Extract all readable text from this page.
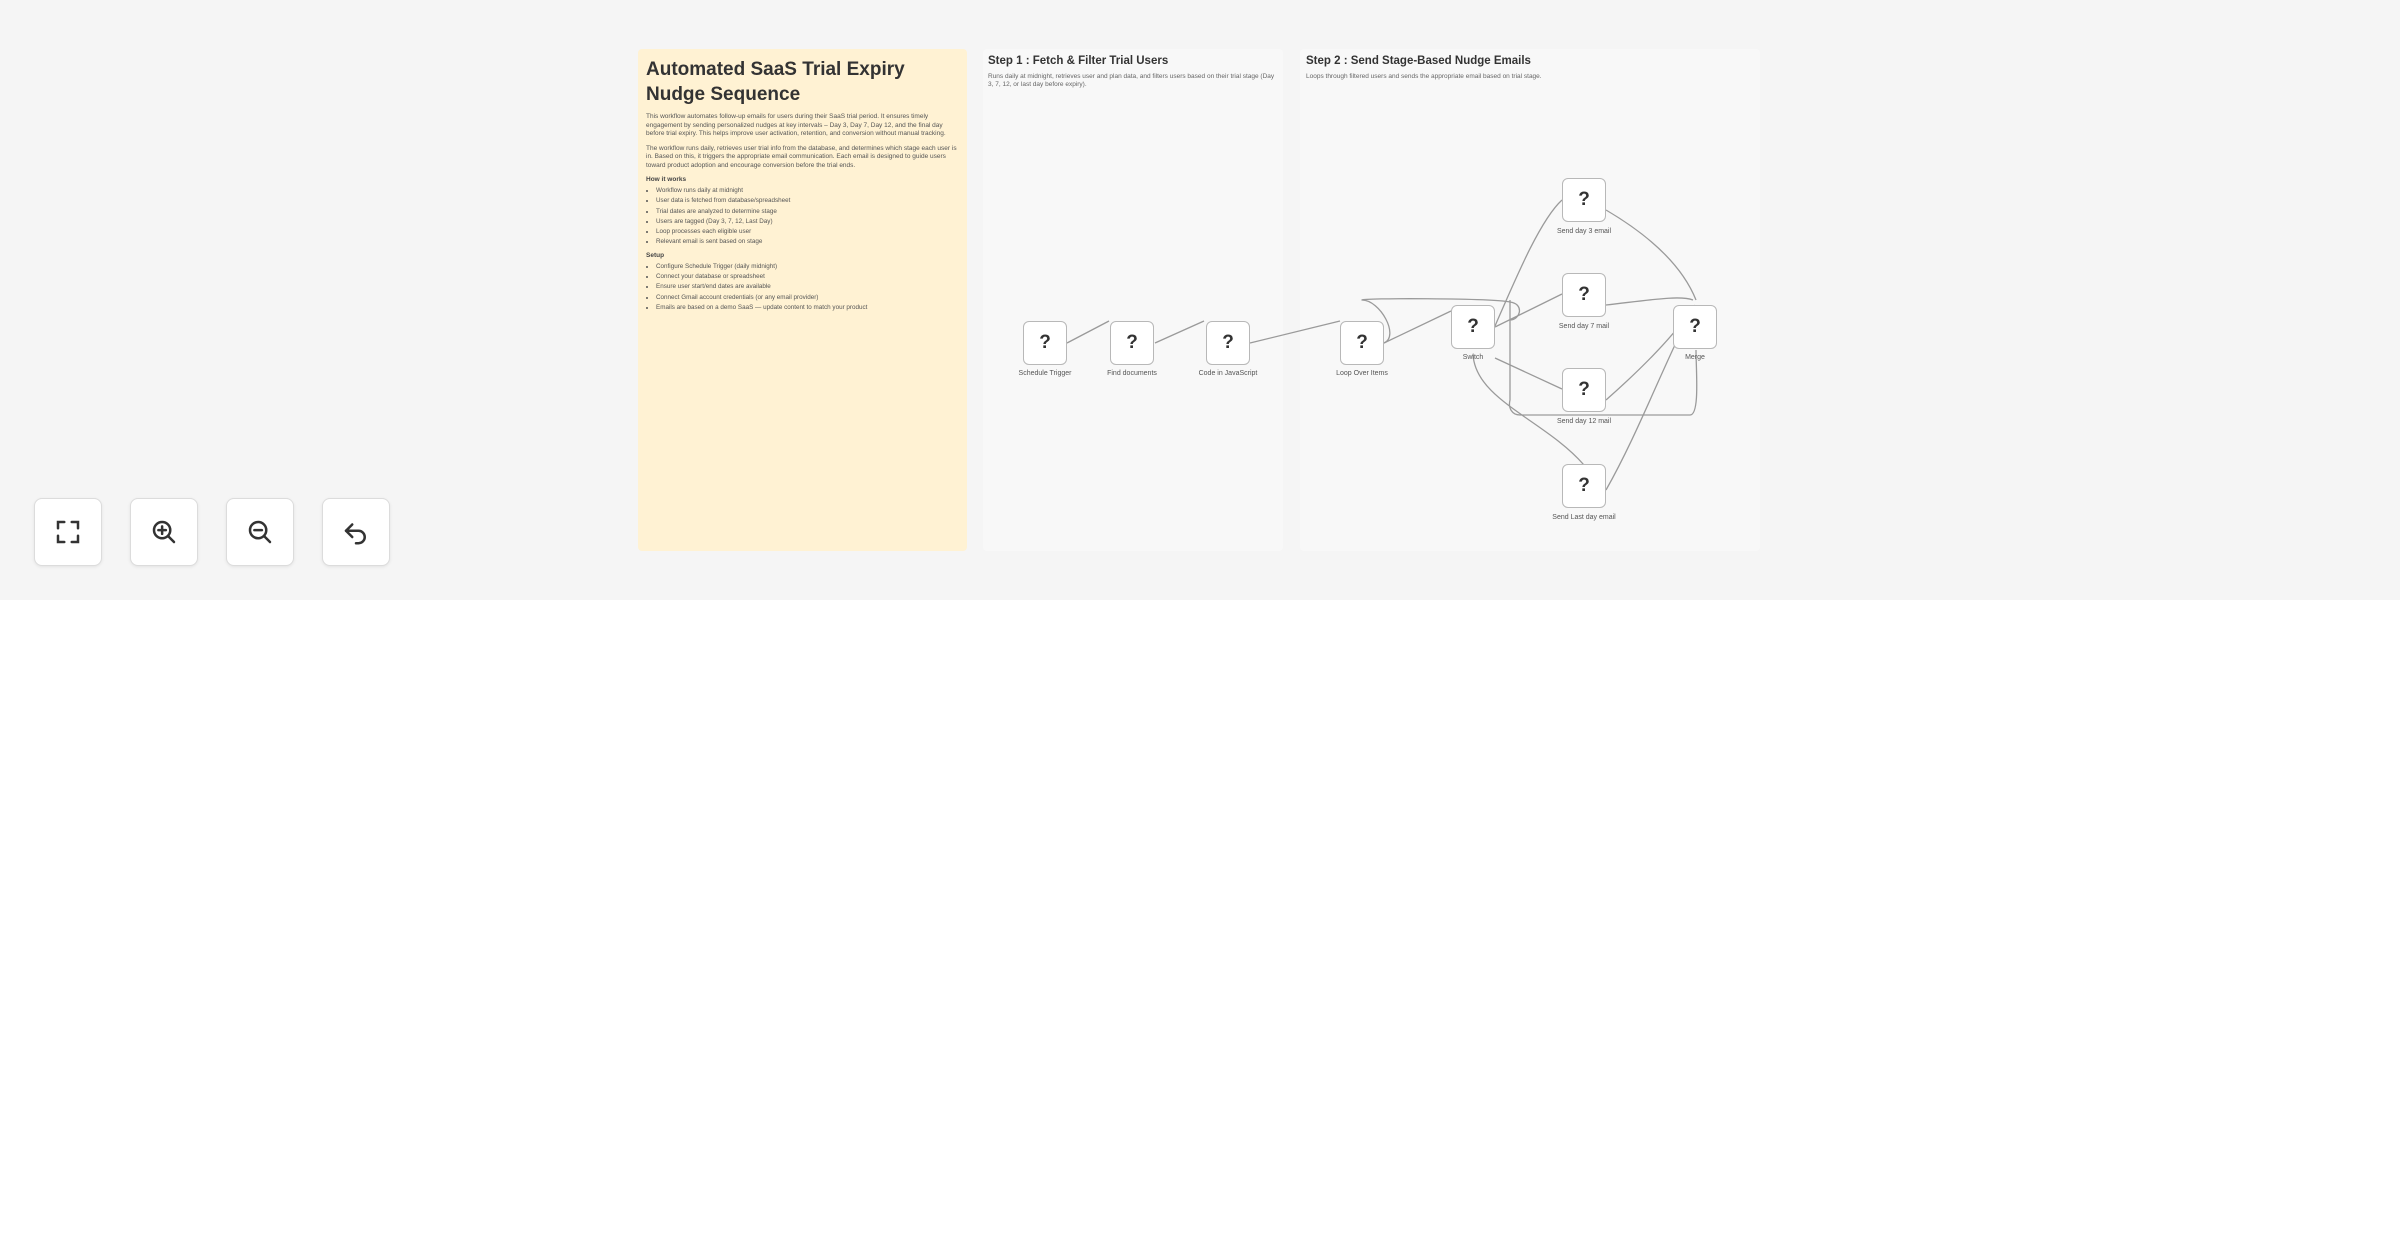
Automated SaaS Trial Expiry Nudge Sequence

This workflow automates follow-up emails for users during their SaaS trial period. It ensures timely engagement by sending personalized nudges at key intervals – Day 3, Day 7, Day 12, and the final day before trial expiry. This helps improve user activation, retention, and conversion without manual tracking.

The workflow runs daily, retrieves user trial info from the database, and determines which stage each user is in. Based on this, it triggers the appropriate email communication. Each email is designed to guide users toward product adoption and encourage conversion before the trial ends.

How it works
• Workflow runs daily at midnight
• User data is fetched from database/spreadsheet
• Trial dates are analyzed to determine stage
• Users are tagged (Day 3, 7, 12, Last Day)
• Loop processes each eligible user
• Relevant email is sent based on stage
Setup
• Configure Schedule Trigger (daily midnight)
• Connect your database or spreadsheet
• Ensure user start/end dates are available
• Connect Gmail account credentials (or any email provider)
• Emails are based on a demo SaaS — update content to match your product
Step 1 : Fetch & Filter Trial Users

Runs daily at midnight, retrieves user and plan data, and filters users based on their trial stage (Day 3, 7, 12, or last day before expiry).

Step 2 : Send Stage-Based Nudge Emails

Loops through filtered users and sends the appropriate email based on trial stage.

?
Schedule Trigger
?
Find documents
?
Code in JavaScript
?
Loop Over Items
?
Switch
?
Send day 3 email
?
Send day 7 mail
?
Send day 12 mail
?
Send Last day email
?
Merge
